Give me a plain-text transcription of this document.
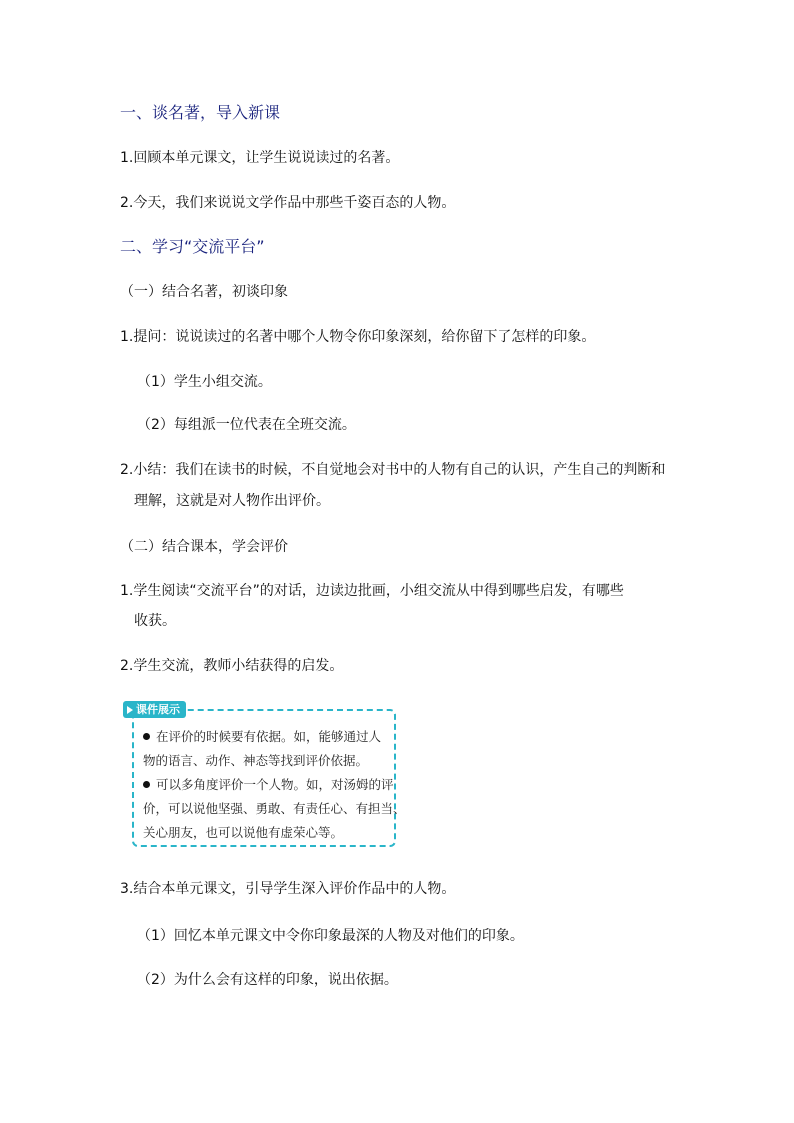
一、谈名著，导入新课
1.回顾本单元课文，让学生说说读过的名著。
2.今天，我们来说说文学作品中那些千姿百态的人物。
二、学习“交流平台”
（一）结合名著，初谈印象
1.提问：说说读过的名著中哪个人物令你印象深刻，给你留下了怎样的印象。
（1）学生小组交流。
（2）每组派一位代表在全班交流。
2.小结：我们在读书的时候，不自觉地会对书中的人物有自己的认识，产生自己的判断和
理解，这就是对人物作出评价。
（二）结合课本，学会评价
1.学生阅读“交流平台”的对话，边读边批画，小组交流从中得到哪些启发，有哪些
收获。
2.学生交流，教师小结获得的启发。
课件展示
在评价的时候要有依据。如，能够通过人
物的语言、动作、神态等找到评价依据。
可以多角度评价一个人物。如，对汤姆的评
价，可以说他坚强、勇敢、有责任心、有担当、
关心朋友，也可以说他有虚荣心等。
3.结合本单元课文，引导学生深入评价作品中的人物。
（1）回忆本单元课文中令你印象最深的人物及对他们的印象。
（2）为什么会有这样的印象，说出依据。
